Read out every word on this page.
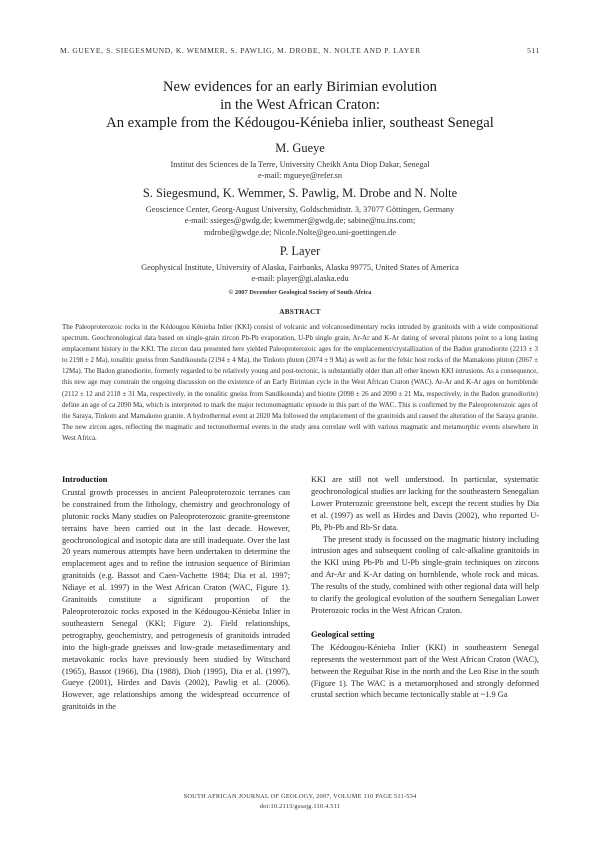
M. GUEYE, S. SIEGESMUND, K. WEMMER, S. PAWLIG, M. DROBE, N. NOLTE AND P. LAYER	511
New evidences for an early Birimian evolution
in the West African Craton:
An example from the Kédougou-Kénieba inlier, southeast Senegal
M. Gueye
Institut des Sciences de la Terre, University Cheikh Anta Diop Dakar, Senegal
e-mail: mgueye@refer.sn
S. Siegesmund, K. Wemmer, S. Pawlig, M. Drobe and N. Nolte
Geoscience Center, Georg-August University, Goldschmidtstr. 3, 37077 Göttingen, Germany
e-mail: ssieges@gwdg.de; kwemmer@gwdg.de; sabine@nu.ins.com;
mdrobe@gwdge.de; Nicole.Nolte@geo.uni-goettingen.de
P. Layer
Geophysical Institute, University of Alaska, Fairbanks, Alaska 99775, United States of America
e-mail: player@gi.alaska.edu
© 2007 December Geological Society of South Africa
ABSTRACT
The Paleoproterozoic rocks in the Kédougou Kénieba Inlier (KKI) consist of volcanic and volcanosedimentary rocks intruded by granitoids with a wide compositional spectrum. Geochronological data based on single-grain zircon Pb-Pb evaporation, U-Pb single grain, Ar-Ar and K-Ar dating of several plutons point to a long lasting emplacement history in the KKI. The zircon data presented here yielded Paleoproterozoic ages for the emplacement/crystallization of the Badon granodiorite (2213 ± 3 to 2198 ± 2 Ma), tonalitic gneiss from Sandikounda (2194 ± 4 Ma), the Tinkoto pluton (2074 ± 9 Ma) as well as for the felsic host rocks of the Mamakono pluton (2067 ± 12Ma). The Badon granodiorite, formerly regarded to be relatively young and post-tectonic, is substantially older than all other known KKI intrusions. As a consequence, this new age may constrain the ongoing discussion on the existence of an Early Birimian cycle in the West African Craton (WAC). Ar-Ar and K-Ar ages on hornblende (2112 ± 12 and 2118 ± 31 Ma, respectively, in the tonalitic gneiss from Sandikounda) and biotite (2098 ± 26 and 2090 ± 21 Ma, respectively, in the Badon granodiorite) define an age of ca 2090 Ma, which is interpreted to mark the major tectonomagmatic episode in this part of the WAC. This is confirmed by the Paleoproterozoic ages of the Saraya, Tinkoto and Mamakono granite. A hydrothermal event at 2020 Ma followed the emplacement of the granitoids and caused the alteration of the Saraya granite. The new zircon ages, reflecting the magmatic and tectonothermal events in the study area correlate well with various magmatic and metamorphic events elsewhere in West Africa.
Introduction

Crustal growth processes in ancient Paleoproterozoic terranes can be constrained from the lithology, chemistry and geochronology of plutonic rocks Many studies on Paleoproterozoic granite-greenstone terrains have been carried out in the last decade. However, geochronological and isotopic data are still inadequate. Over the last 20 years numerous attempts have been undertaken to determine the emplacement ages and to refine the intrusion sequence of Birimian granitoids (e.g. Bassot and Caen-Vachette 1984; Dia et al. 1997; Ndiaye et al. 1997) in the West African Craton (WAC, Figure 1). Granitoids constitute a significant proportion of the Paleoproterozoic rocks exposed in the Kédougou-Kénieba Inlier in southeastern Senegal (KKI; Figure 2). Field relationships, petrography, geochemistry, and petrogenesis of granitoids intruded into the high-grade gneisses and low-grade metasedimentary and metavokanic rocks have previously been studied by Witschard (1965), Bassot (1966), Dia (1988), Dioh (1995), Dia et al. (1997), Gueye (2001), Hirdes and Davis (2002), Pawlig et al. (2006). However, age relationships among the widespread occurrence of granitoids in the

KKI are still not well understood. In particular, systematic geochronological studies are lacking for the southeastern Senegalian Lower Proterozoic greenstone belt, except the recent studies by Dia et al. (1997) as well as Hirdes and Davis (2002), who reported U-Pb, Pb-Pb and Rb-Sr data.

The present study is focussed on the magmatic history including intrusion ages and subsequent cooling of calc-alkaline granitoids in the KKI using Pb-Pb and U-Pb single-grain techniques on zircons and Ar-Ar and K-Ar dating on hornblende, whole rock and micas. The results of the study, combined with other regional data will help to clarify the geological evolution of the southern Senegalian Lower Proterozoic rocks in the West African Craton.

Geological setting

The Kédougou-Kénieba Inlier (KKI) in southeastern Senegal represents the westernmost part of the West African Craton (WAC), between the Reguibat Rise in the north and the Leo Rise in the south (Figure 1). The WAC is a metamorphosed and strongly deformed crustal section which became tectonically stable at ~1.9 Ga

SOUTH AFRICAN JOURNAL OF GEOLOGY, 2007, VOLUME 110 PAGE 511-534
doi:10.2113/gssajg.110.4.511
